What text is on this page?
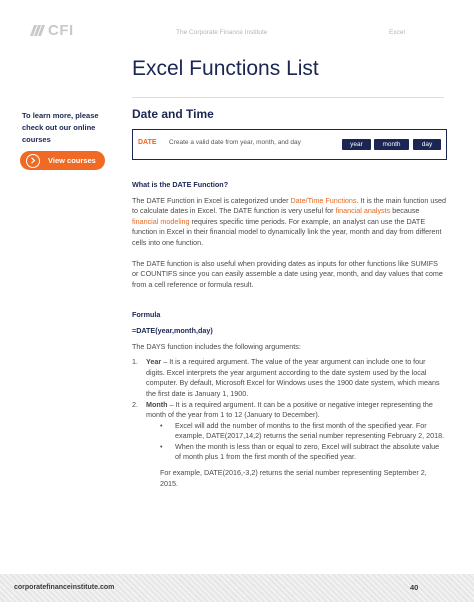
CFI	The Corporate Finance Institute	Excel
Excel Functions List
To learn more, please check out our online courses
View courses
Date and Time
DATE Create a valid date from year, month, and day	year	month	day
What is the DATE Function?

The DATE Function in Excel is categorized under Date/Time Functions. It is the main function used to calculate dates in Excel. The DATE function is very useful for financial analysts because financial modeling requires specific time periods. For example, an analyst can use the DATE function in Excel in their financial model to dynamically link the year, month and day from different cells into one function.

The DATE function is also useful when providing dates as inputs for other functions like SUMIFS or COUNTIFS since you can easily assemble a date using year, month, and day values that come from a cell reference or formula result.

Formula
=DATE(year,month,day)

The DAYS function includes the following arguments:

1. Year – It is a required argument. The value of the year argument can include one to four digits. Excel interprets the year argument according to the date system used by the local computer. By default, Microsoft Excel for Windows uses the 1900 date system, which means the first date is January 1, 1900.
2. Month – It is a required argument. It can be a positive or negative integer representing the month of the year from 1 to 12 (January to December).
• Excel will add the number of months to the first month of the specified year. For example, DATE(2017,14,2) returns the serial number representing February 2, 2018.
• When the month is less than or equal to zero, Excel will subtract the absolute value of month plus 1 from the first month of the specified year.

For example, DATE(2016,-3,2) returns the serial number representing September 2, 2015.

corporatefinanceinstitute.com	40
